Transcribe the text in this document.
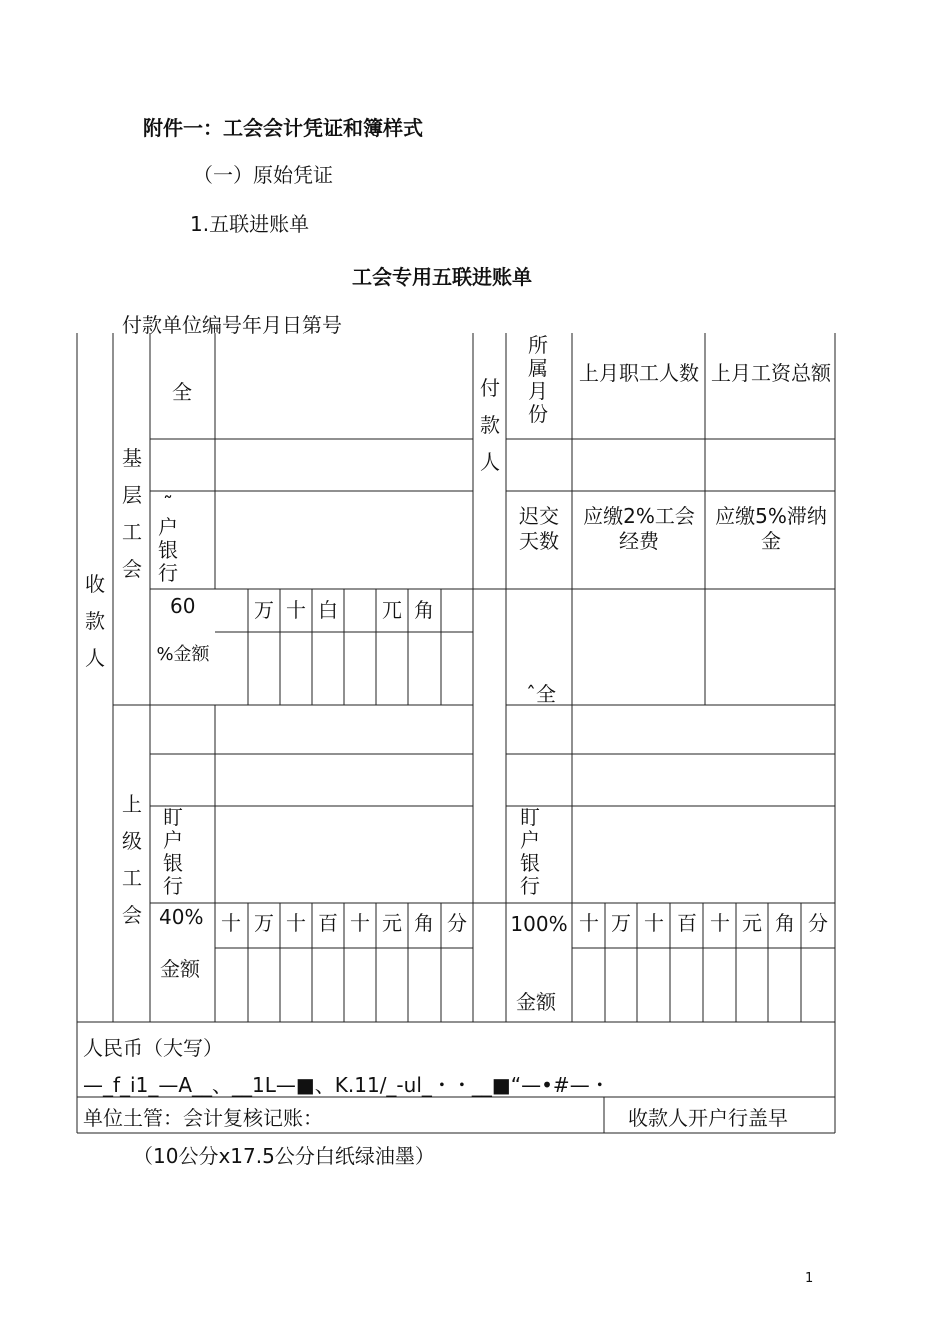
附件一：工会会计凭证和簿样式
（一）原始凭证
1.五联进账单
工会专用五联进账单
付款单位编号年月日第号
收款人
基层工会
上级工会
付款人
全
˜户银行
60
%金额
盯户银行
40%
金额
万 十 白	兀 角
十 万 十 百 十 元 角 分
所属月份
上月职工人数 上月工资总额
迟交天数
应缴2%工会经费
应缴5%滞纳金
ˆ全
盯户银行
100%
金额
十 万 十 百 十 元 角 分
人民币（大写）
—_f_i1_—A__、__1L—■、K.11/_-ul_・・__■“—•#—・
单位土管：会计复核记账：	收款人开户行盖早
（10公分x17.5公分白纸绿油墨）
1
